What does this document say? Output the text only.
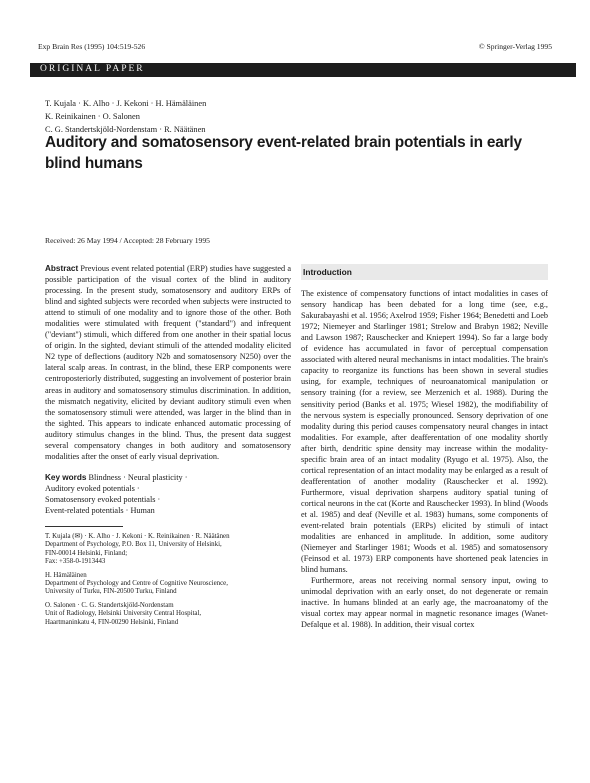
Exp Brain Res (1995) 104:519-526	© Springer-Verlag 1995
ORIGINAL PAPER
T. Kujala · K. Alho · J. Kekoni · H. Hämäläinen
K. Reinikainen · O. Salonen
C. G. Standertskjöld-Nordenstam · R. Näätänen
Auditory and somatosensory event-related brain potentials in early blind humans
Received: 26 May 1994 / Accepted: 28 February 1995
Abstract Previous event related potential (ERP) studies have suggested a possible participation of the visual cortex of the blind in auditory processing. In the present study, somatosensory and auditory ERPs of blind and sighted subjects were recorded when subjects were instructed to attend to stimuli of one modality and to ignore those of the other. Both modalities were stimulated with frequent ("standard") and infrequent ("deviant") stimuli, which differed from one another in their spatial locus of origin. In the sighted, deviant stimuli of the attended modality elicited N2 type of deflections (auditory N2b and somatosensory N250) over the lateral scalp areas. In contrast, in the blind, these ERP components were centroposteriorly distributed, suggesting an involvement of posterior brain areas in auditory and somatosensory stimulus discrimination. In addition, the mismatch negativity, elicited by deviant auditory stimuli even when the somatosensory stimuli were attended, was larger in the blind than in the sighted. This appears to indicate enhanced automatic processing of auditory stimulus changes in the blind. Thus, the present data suggest several compensatory changes in both auditory and somatosensory modalities after the onset of early visual deprivation.
Key words Blindness · Neural plasticity ·
Auditory evoked potentials ·
Somatosensory evoked potentials ·
Event-related potentials · Human
T. Kujala (✉) · K. Alho · J. Kekoni · K. Reinikainen · R. Näätänen
Department of Psychology, P.O. Box 11, University of Helsinki,
FIN-00014 Helsinki, Finland;
Fax: +358-0-1913443
H. Hämäläinen
Department of Psychology and Centre of Cognitive Neuroscience,
University of Turku, FIN-20500 Turku, Finland
O. Salonen · C. G. Standertskjöld-Nordenstam
Unit of Radiology, Helsinki University Central Hospital,
Haartmaninkatu 4, FIN-00290 Helsinki, Finland
Introduction

The existence of compensatory functions of intact modalities in cases of sensory handicap has been debated for a long time (see, e.g., Sakurabayashi et al. 1956; Axelrod 1959; Fisher 1964; Benedetti and Loeb 1972; Niemeyer and Starlinger 1981; Strelow and Brabyn 1982; Neville and Lawson 1987; Rauschecker and Kniepert 1994). So far a large body of evidence has accumulated in favor of perceptual compensation associated with altered neural mechanisms in intact modalities. The brain's capacity to reorganize its functions has been shown in several studies using, for example, techniques of neuroanatomical manipulation or sensory training (for a review, see Merzenich et al. 1988). During the sensitivity period (Banks et al. 1975; Wiesel 1982), the modifiability of the nervous system is especially pronounced. Sensory deprivation of one modality during this period causes compensatory neural changes in intact modalities. For example, after deafferentation of one modality shortly after birth, dendritic spine density may increase within the modality-specific brain area of an intact modality (Ryugo et al. 1975). Also, the cortical representation of an intact modality may be enlarged as a result of deafferentation of another modality (Rauschecker et al. 1992). Furthermore, visual deprivation sharpens auditory spatial tuning of cortical neurons in the cat (Korte and Rauschecker 1993). In blind (Woods et al. 1985) and deaf (Neville et al. 1983) humans, some components of event-related brain potentials (ERPs) elicited by stimuli of intact modalities are enhanced in amplitude. In addition, some auditory (Niemeyer and Starlinger 1981; Woods et al. 1985) and somatosensory (Feinsod et al. 1973) ERP components have shortened peak latencies in blind humans.

Furthermore, areas not receiving normal sensory input, owing to unimodal deprivation with an early onset, do not degenerate or remain inactive. In humans blinded at an early age, the macroanatomy of the visual cortex may appear normal in magnetic resonance images (Wanet-Defalque et al. 1988). In addition, their visual cortex
